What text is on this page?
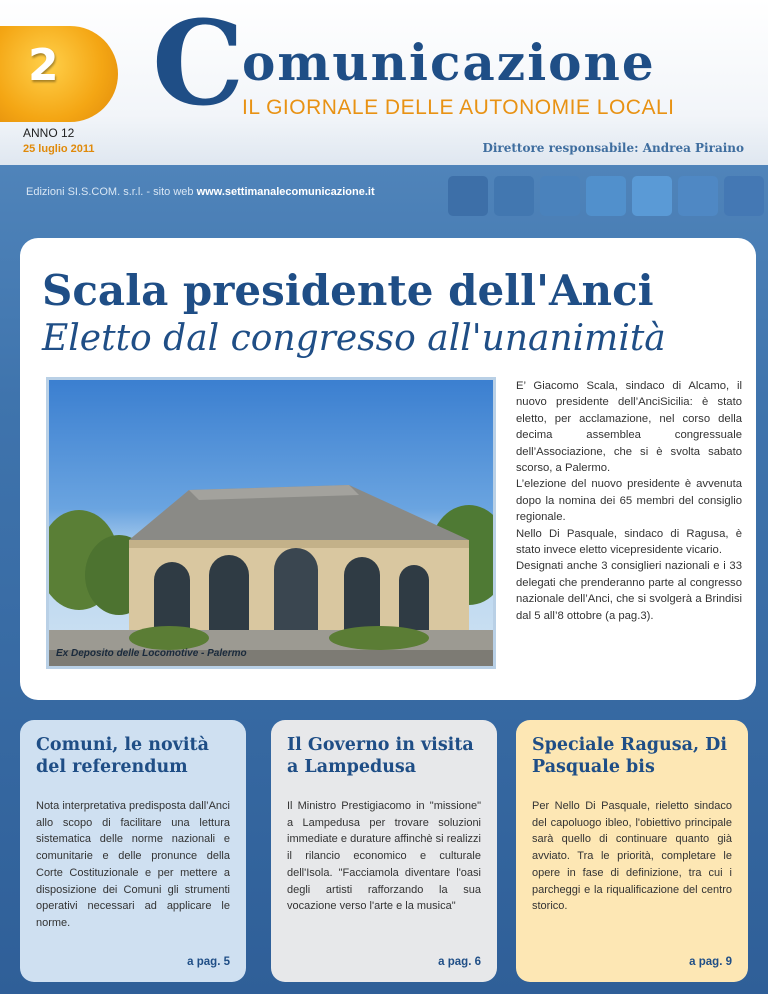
2
ANNO 12
25 luglio 2011
C
omunicazione
IL GIORNALE DELLE AUTONOMIE LOCALI
Direttore responsabile: Andrea Piraino
Edizioni SI.S.COM. s.r.l. - sito web www.settimanalecomunicazione.it
Scala presidente dell'Anci
Eletto dal congresso all'unanimità
Ex Deposito delle Locomotive - Palermo

E’ Giacomo Scala, sindaco di Alcamo, il nuovo presidente dell’AnciSicilia: è stato eletto, per acclamazione, nel corso della decima assemblea congressuale dell’Associazione, che si è svolta sabato scorso, a Palermo.

L’elezione del nuovo presidente è avvenuta dopo la nomina dei 65 membri del consiglio regionale.

Nello Di Pasquale, sindaco di Ragusa, è stato invece eletto vicepresidente vicario.

Designati anche 3 consiglieri nazionali e i 33 delegati che prenderanno parte al congresso nazionale dell’Anci, che si svolgerà a Brindisi dal 5 all’8 ottobre (a pag.3).

Comuni, le novità del referendum
Nota interpretativa predisposta dall’Anci allo scopo di facilitare una lettura sistematica delle norme nazionali e comunitarie e delle pronunce della Corte Costituzionale e per mettere a disposizione dei Comuni gli strumenti operativi necessari ad applicare le norme.
a pag. 5
Il Governo in visita a Lampedusa
Il Ministro Prestigiacomo in "missione" a Lampedusa per trovare soluzioni immediate e durature affinchè si realizzi il rilancio economico e culturale dell'Isola. "Facciamola diventare l'oasi degli artisti rafforzando la sua vocazione verso l'arte e la musica"
a pag. 6
Speciale Ragusa, Di Pasquale bis
Per Nello Di Pasquale, rieletto sindaco del capoluogo ibleo, l'obiettivo principale sarà quello di continuare quanto già avviato. Tra le priorità, completare le opere in fase di definizione, tra cui i parcheggi e la riqualificazione del centro storico.
a pag. 9
